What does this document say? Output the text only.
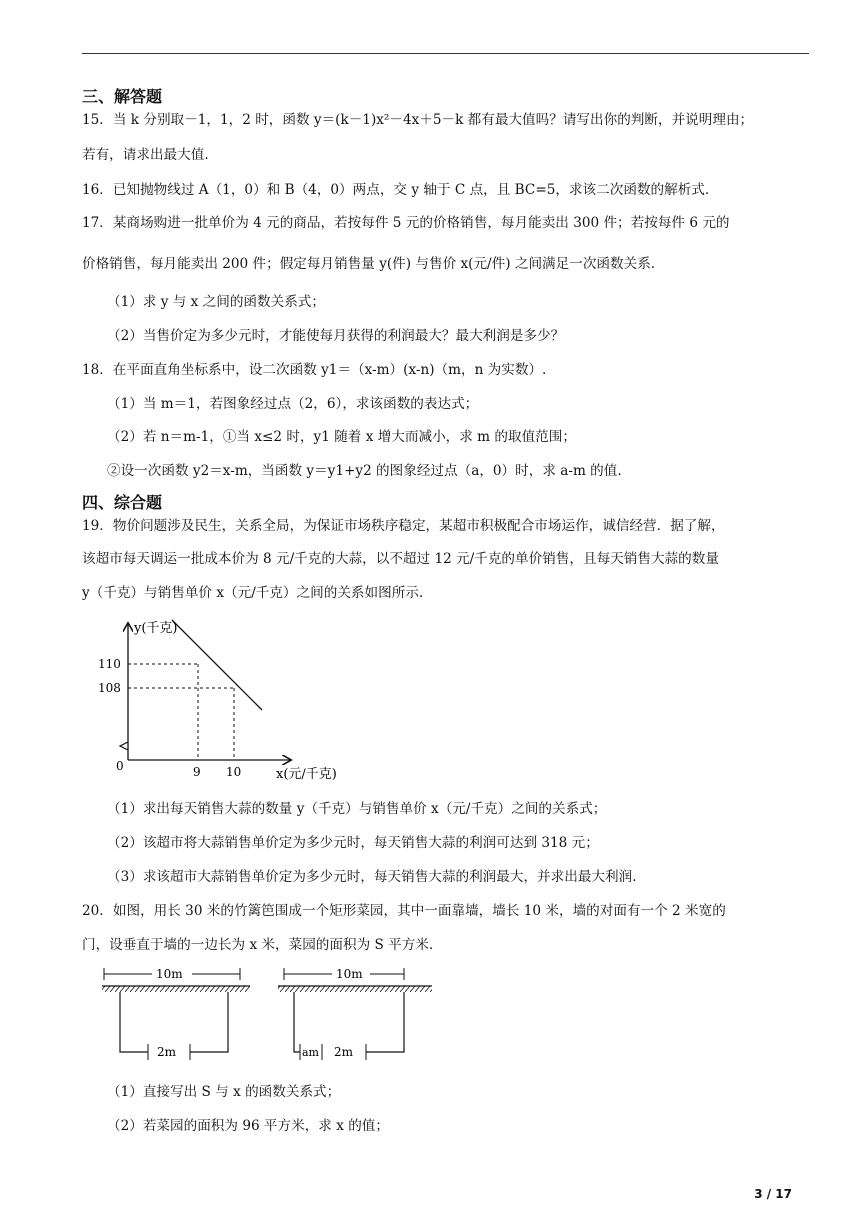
三、解答题
15．当 k 分别取－1，1，2 时，函数 y＝(k－1)x²－4x＋5－k 都有最大值吗？请写出你的判断，并说明理由；
若有，请求出最大值.
16．已知抛物线过 A（1，0）和 B（4，0）两点，交 y 轴于 C 点，且 BC=5，求该二次函数的解析式.
17．某商场购进一批单价为 4 元的商品，若按每件 5 元的价格销售，每月能卖出 300 件；若按每件 6 元的
价格销售，每月能卖出 200 件；假定每月销售量 y(件) 与售价 x(元/件) 之间满足一次函数关系.
（1）求 y 与 x 之间的函数关系式；
（2）当售价定为多少元时，才能使每月获得的利润最大？最大利润是多少？
18．在平面直角坐标系中，设二次函数 y1＝（x-m）(x-n)（m，n 为实数）.
（1）当 m＝1，若图象经过点（2，6），求该函数的表达式；
（2）若 n＝m-1，①当 x≤2 时，y1 随着 x 增大而减小，求 m 的取值范围；
②设一次函数 y2＝x-m，当函数 y＝y1+y2 的图象经过点（a，0）时，求 a-m 的值.
四、综合题
19．物价问题涉及民生，关系全局，为保证市场秩序稳定，某超市积极配合市场运作，诚信经营．据了解，
该超市每天调运一批成本价为 8 元/千克的大蒜，以不超过 12 元/千克的单价销售，且每天销售大蒜的数量
y（千克）与销售单价 x（元/千克）之间的关系如图所示.
y(千克)
110
108
0	9 10	x(元/千克)
（1）求出每天销售大蒜的数量 y（千克）与销售单价 x（元/千克）之间的关系式；
（2）该超市将大蒜销售单价定为多少元时，每天销售大蒜的利润可达到 318 元；
（3）求该超市大蒜销售单价定为多少元时，每天销售大蒜的利润最大，并求出最大利润.
20．如图，用长 30 米的竹篱笆围成一个矩形菜园，其中一面靠墙，墙长 10 米，墙的对面有一个 2 米宽的
门，设垂直于墙的一边长为 x 米，菜园的面积为 S 平方米.
10m
2m
10m
am 2m
（1）直接写出 S 与 x 的函数关系式；
（2）若菜园的面积为 96 平方米，求 x 的值；
3 / 17
